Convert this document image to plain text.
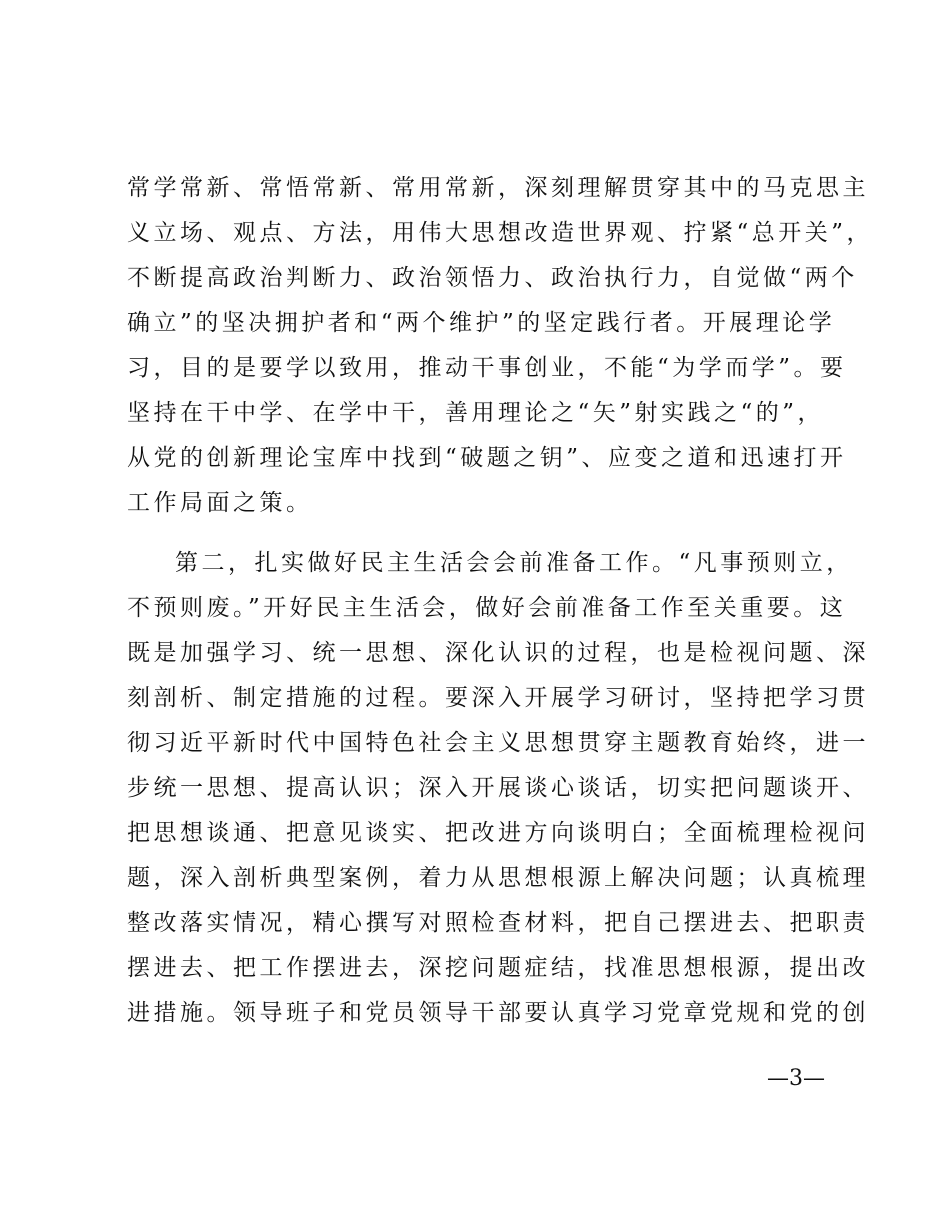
常学常新、常悟常新、常用常新，深刻理解贯穿其中的马克思主
义立场、观点、方法，用伟大思想改造世界观、拧紧“总开关”，
不断提高政治判断力、政治领悟力、政治执行力，自觉做“两个
确立”的坚决拥护者和“两个维护”的坚定践行者。开展理论学
习，目的是要学以致用，推动干事创业，不能“为学而学”。要
坚持在干中学、在学中干，善用理论之“矢”射实践之“的”，
从党的创新理论宝库中找到“破题之钥”、应变之道和迅速打开
工作局面之策。
第二，扎实做好民主生活会会前准备工作。“凡事预则立，
不预则废。”开好民主生活会，做好会前准备工作至关重要。这
既是加强学习、统一思想、深化认识的过程，也是检视问题、深
刻剖析、制定措施的过程。要深入开展学习研讨，坚持把学习贯
彻习近平新时代中国特色社会主义思想贯穿主题教育始终，进一
步统一思想、提高认识；深入开展谈心谈话，切实把问题谈开、
把思想谈通、把意见谈实、把改进方向谈明白；全面梳理检视问
题，深入剖析典型案例，着力从思想根源上解决问题；认真梳理
整改落实情况，精心撰写对照检查材料，把自己摆进去、把职责
摆进去、把工作摆进去，深挖问题症结，找准思想根源，提出改
进措施。领导班子和党员领导干部要认真学习党章党规和党的创
—3—
